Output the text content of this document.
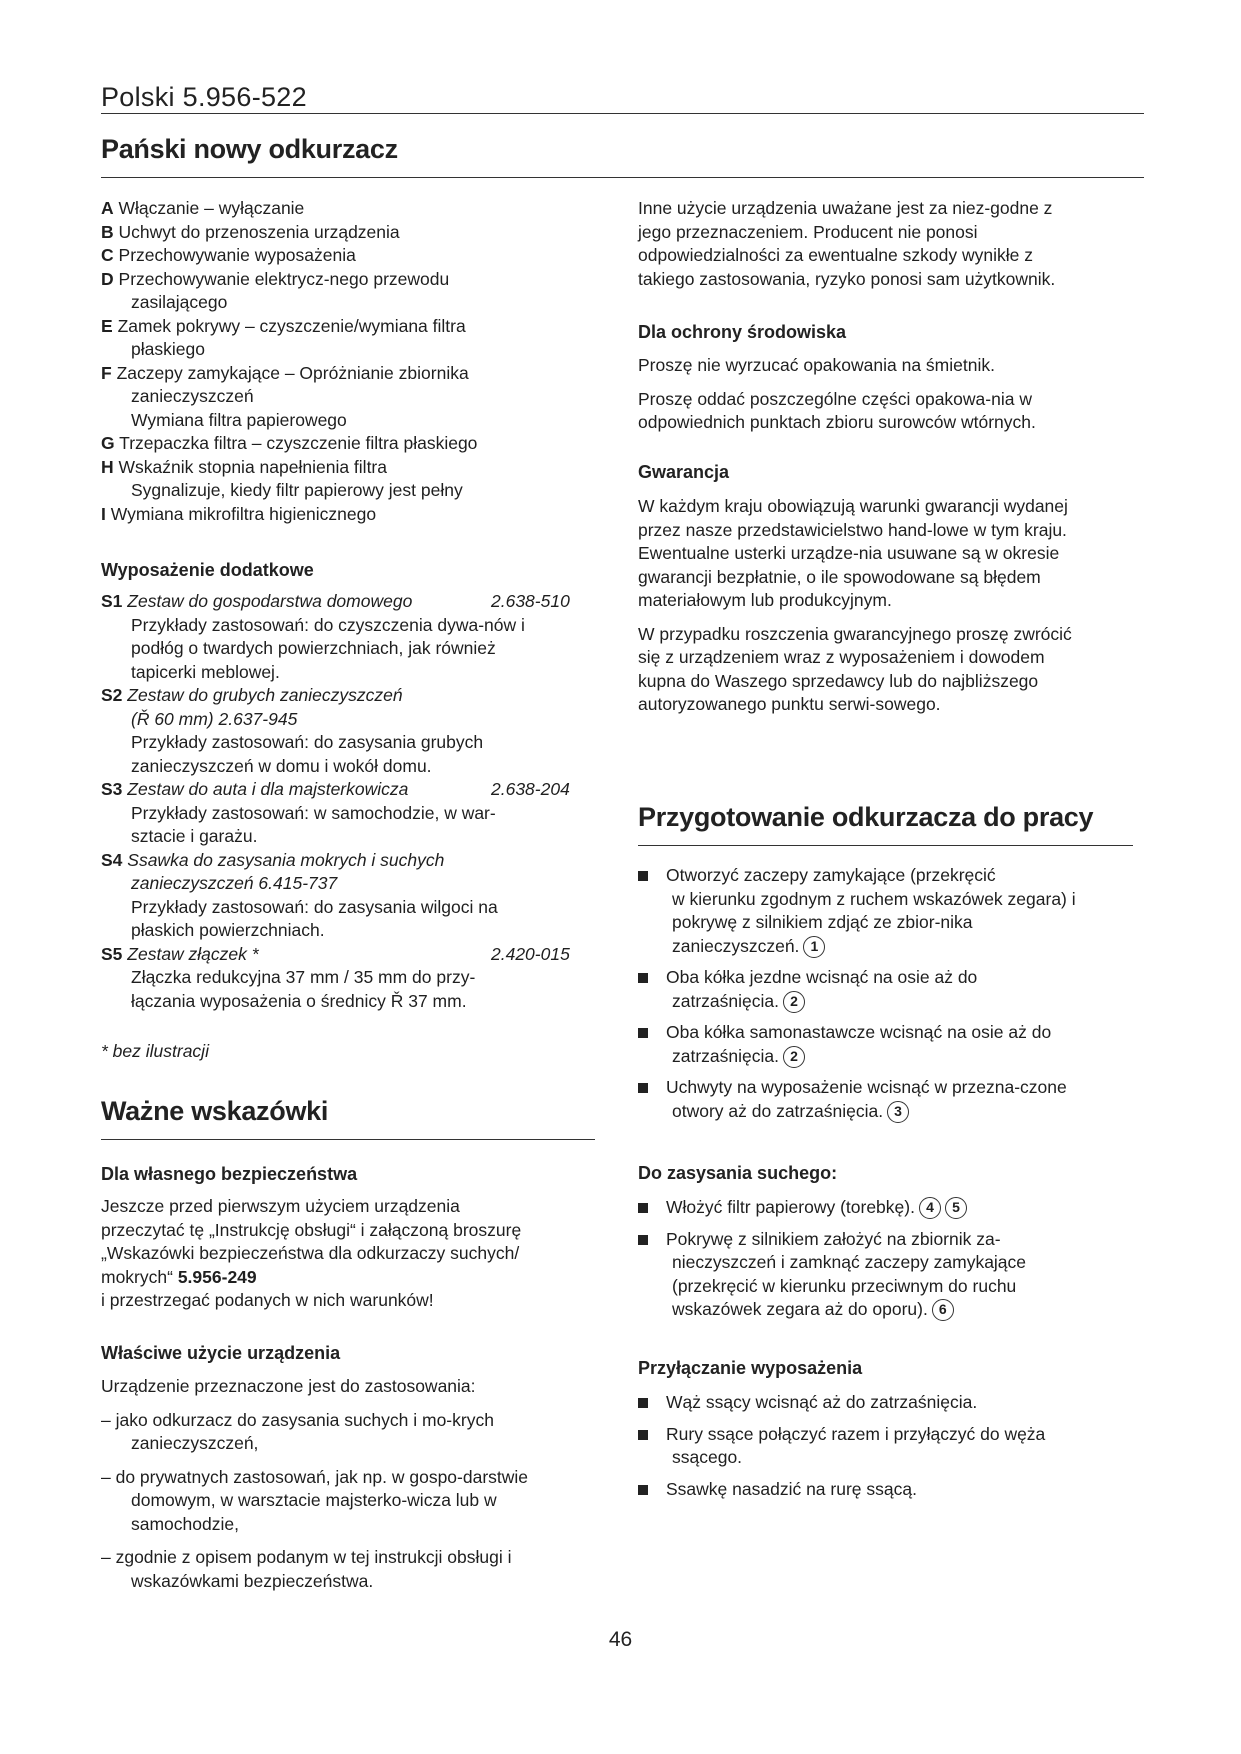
Polski 5.956-522
Pański nowy odkurzacz
A Włączanie – wyłączanie
B Uchwyt do przenoszenia urządzenia
C Przechowywanie wyposażenia
D Przechowywanie elektrycz-nego przewodu
zasilającego
E Zamek pokrywy – czyszczenie/wymiana filtra
płaskiego
F Zaczepy zamykające – Opróżnianie zbiornika
zanieczyszczeń
Wymiana filtra papierowego
G Trzepaczka filtra – czyszczenie filtra płaskiego
H Wskaźnik stopnia napełnienia filtra
Sygnalizuje, kiedy filtr papierowy jest pełny
I Wymiana mikrofiltra higienicznego
Wyposażenie dodatkowe
S1 Zestaw do gospodarstwa domowego	2.638-510
Przykłady zastosowań: do czyszczenia dywa-nów i
podłóg o twardych powierzchniach, jak również
tapicerki meblowej.
S2 Zestaw do grubych zanieczyszczeń
(Ř 60 mm) 2.637-945
Przykłady zastosowań: do zasysania grubych
zanieczyszczeń w domu i wokół domu.
S3 Zestaw do auta i dla majsterkowicza	2.638-204
Przykłady zastosowań: w samochodzie, w war-
sztacie i garażu.
S4 Ssawka do zasysania mokrych i suchych
zanieczyszczeń 6.415-737
Przykłady zastosowań: do zasysania wilgoci na
płaskich powierzchniach.
S5 Zestaw złączek *	2.420-015
Złączka redukcyjna 37 mm / 35 mm do przy-
łączania wyposażenia o średnicy Ř 37 mm.
* bez ilustracji
Ważne wskazówki
Dla własnego bezpieczeństwa
Jeszcze przed pierwszym użyciem urządzenia
przeczytać tę „Instrukcję obsługi“ i załączoną broszurę
„Wskazówki bezpieczeństwa dla odkurzaczy suchych/
mokrych“ 5.956-249
i przestrzegać podanych w nich warunków!
Właściwe użycie urządzenia
Urządzenie przeznaczone jest do zastosowania:
– jako odkurzacz do zasysania suchych i mo-krych
zanieczyszczeń,
– do prywatnych zastosowań, jak np. w gospo-darstwie
domowym, w warsztacie majsterko-wicza lub w
samochodzie,
– zgodnie z opisem podanym w tej instrukcji obsługi i
wskazówkami bezpieczeństwa.
Inne użycie urządzenia uważane jest za niez-godne z
jego przeznaczeniem. Producent nie ponosi
odpowiedzialności za ewentualne szkody wynikłe z
takiego zastosowania, ryzyko ponosi sam użytkownik.
Dla ochrony środowiska
Proszę nie wyrzucać opakowania na śmietnik.
Proszę oddać poszczególne części opakowa-nia w
odpowiednich punktach zbioru surowców wtórnych.
Gwarancja
W każdym kraju obowiązują warunki gwarancji wydanej
przez nasze przedstawicielstwo hand-lowe w tym kraju.
Ewentualne usterki urządze-nia usuwane są w okresie
gwarancji bezpłatnie, o ile spowodowane są błędem
materiałowym lub produkcyjnym.
W przypadku roszczenia gwarancyjnego proszę zwrócić
się z urządzeniem wraz z wyposażeniem i dowodem
kupna do Waszego sprzedawcy lub do najbliższego
autoryzowanego punktu serwi-sowego.
Przygotowanie odkurzacza do pracy
Otworzyć zaczepy zamykające (przekręcić
w kierunku zgodnym z ruchem wskazówek zegara) i
pokrywę z silnikiem zdjąć ze zbior-nika
zanieczyszczeń. 1
Oba kółka jezdne wcisnąć na osie aż do
zatrzaśnięcia. 2
Oba kółka samonastawcze wcisnąć na osie aż do
zatrzaśnięcia. 2
Uchwyty na wyposażenie wcisnąć w przezna-czone
otwory aż do zatrzaśnięcia. 3
Do zasysania suchego:
Włożyć filtr papierowy (torebkę). 4 5
Pokrywę z silnikiem założyć na zbiornik za-
nieczyszczeń i zamknąć zaczepy zamykające
(przekręcić w kierunku przeciwnym do ruchu
wskazówek zegara aż do oporu). 6
Przyłączanie wyposażenia
Wąż ssący wcisnąć aż do zatrzaśnięcia.
Rury ssące połączyć razem i przyłączyć do węża
ssącego.
Ssawkę nasadzić na rurę ssącą.
46
